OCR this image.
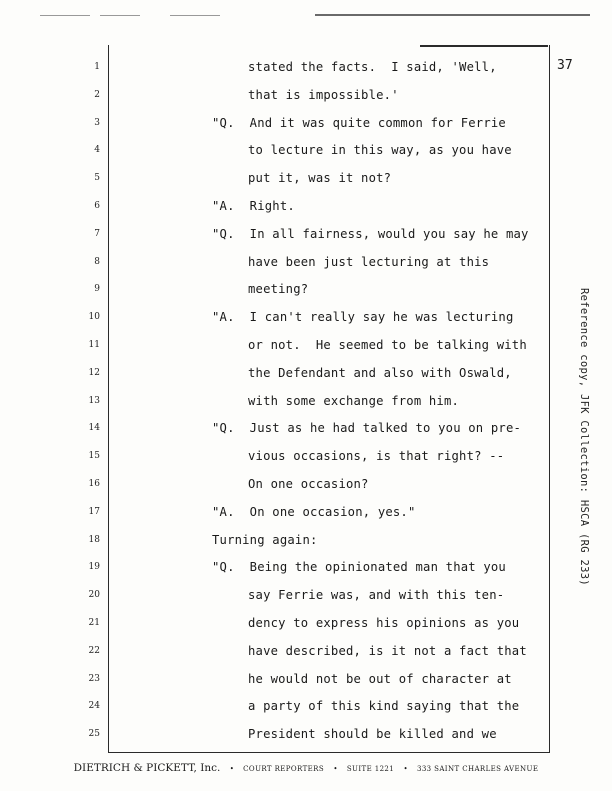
37
1	stated the facts.  I said, 'Well,
2	that is impossible.'
3	"Q.  And it was quite common for Ferrie
4	to lecture in this way, as you have
5	put it, was it not?
6	"A.  Right.
7	"Q.  In all fairness, would you say he may
8	have been just lecturing at this
9	meeting?
10	"A.  I can't really say he was lecturing
11	or not.  He seemed to be talking with
12	the Defendant and also with Oswald,
13	with some exchange from him.
14	"Q.  Just as he had talked to you on pre-
15	vious occasions, is that right? --
16	On one occasion?
17	"A.  On one occasion, yes."
18	Turning again:
19	"Q.  Being the opinionated man that you
20	say Ferrie was, and with this ten-
21	dency to express his opinions as you
22	have described, is it not a fact that
23	he would not be out of character at
24	a party of this kind saying that the
25	President should be killed and we
Reference copy, JFK Collection: HSCA (RG 233)
DIETRICH & PICKETT, Inc. • COURT REPORTERS • SUITE 1221 • 333 SAINT CHARLES AVENUE
